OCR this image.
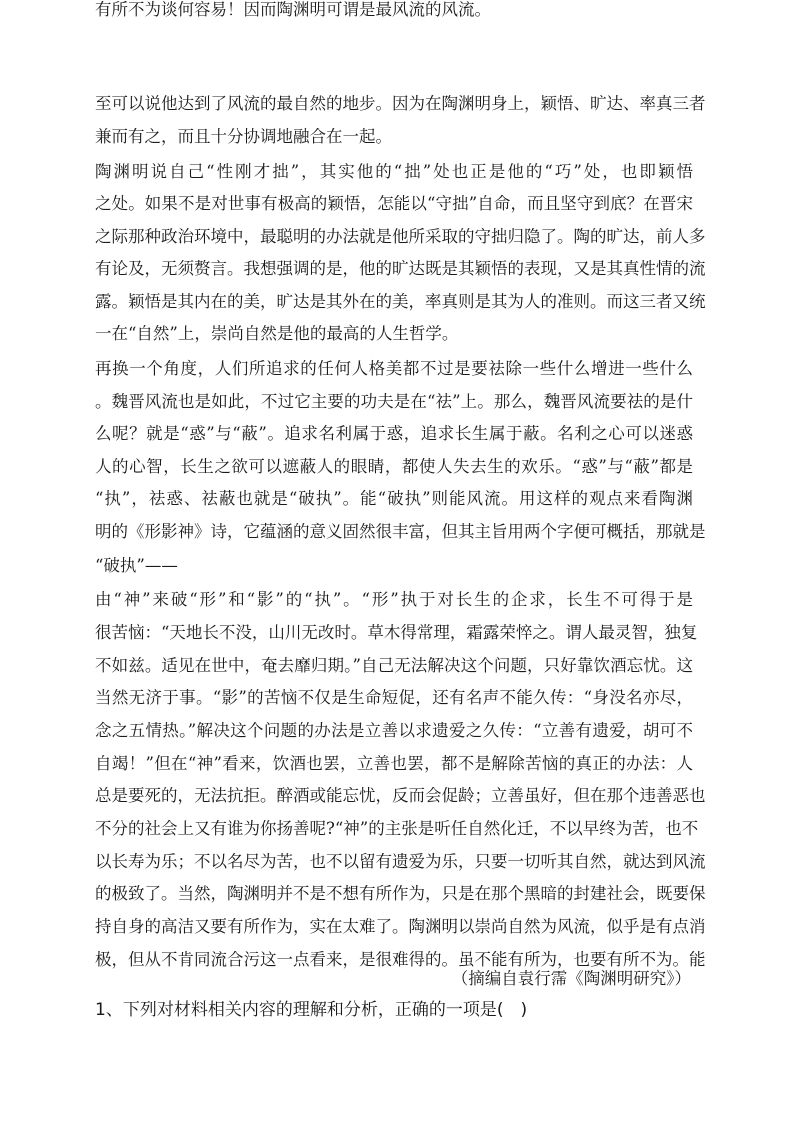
至可以说他达到了风流的最自然的地步。因为在陶渊明身上，颖悟、旷达、率真三者
兼而有之，而且十分协调地融合在一起。
陶渊明说自己“性刚才拙”，其实他的“拙”处也正是他的“巧”处，也即颖悟
之处。如果不是对世事有极高的颖悟，怎能以“守拙”自命，而且坚守到底？在晋宋
之际那种政治环境中，最聪明的办法就是他所采取的守拙归隐了。陶的旷达，前人多
有论及，无须赘言。我想强调的是，他的旷达既是其颖悟的表现，又是其真性情的流
露。颖悟是其内在的美，旷达是其外在的美，率真则是其为人的准则。而这三者又统
一在“自然”上，崇尚自然是他的最高的人生哲学。
再换一个角度，人们所追求的任何人格美都不过是要祛除一些什么增进一些什么
。魏晋风流也是如此，不过它主要的功夫是在“祛”上。那么，魏晋风流要祛的是什
么呢？就是“惑”与“蔽”。追求名利属于惑，追求长生属于蔽。名利之心可以迷惑
人的心智，长生之欲可以遮蔽人的眼睛，都使人失去生的欢乐。“惑”与“蔽”都是
“执”，祛惑、祛蔽也就是“破执”。能“破执”则能风流。用这样的观点来看陶渊
明的《形影神》诗，它蕴涵的意义固然很丰富，但其主旨用两个字便可概括，那就是
“破执”——
由“神”来破“形”和“影”的“执”。“形”执于对长生的企求，长生不可得于是
很苦恼：“天地长不没，山川无改时。草木得常理，霜露荣悴之。谓人最灵智，独复
不如兹。适见在世中，奄去靡归期。”自己无法解决这个问题，只好靠饮酒忘忧。这
当然无济于事。“影”的苦恼不仅是生命短促，还有名声不能久传：“身没名亦尽，
念之五情热。”解决这个问题的办法是立善以求遗爱之久传：“立善有遗爱，胡可不
自竭！”但在“神”看来，饮酒也罢，立善也罢，都不是解除苦恼的真正的办法：人
总是要死的，无法抗拒。醉酒或能忘忧，反而会促龄；立善虽好，但在那个违善恶也
不分的社会上又有谁为你扬善呢?“神”的主张是听任自然化迁，不以早终为苦，也不
以长寿为乐；不以名尽为苦，也不以留有遗爱为乐，只要一切听其自然，就达到风流
的极致了。当然，陶渊明并不是不想有所作为，只是在那个黑暗的封建社会，既要保
持自身的高洁又要有所作为，实在太难了。陶渊明以崇尚自然为风流，似乎是有点消
极，但从不肯同流合污这一点看来，是很难得的。虽不能有所为，也要有所不为。能
有所不为谈何容易！因而陶渊明可谓是最风流的风流。
（摘编自袁行霈《陶渊明研究》）
1、下列对材料相关内容的理解和分析，正确的一项是(　)
